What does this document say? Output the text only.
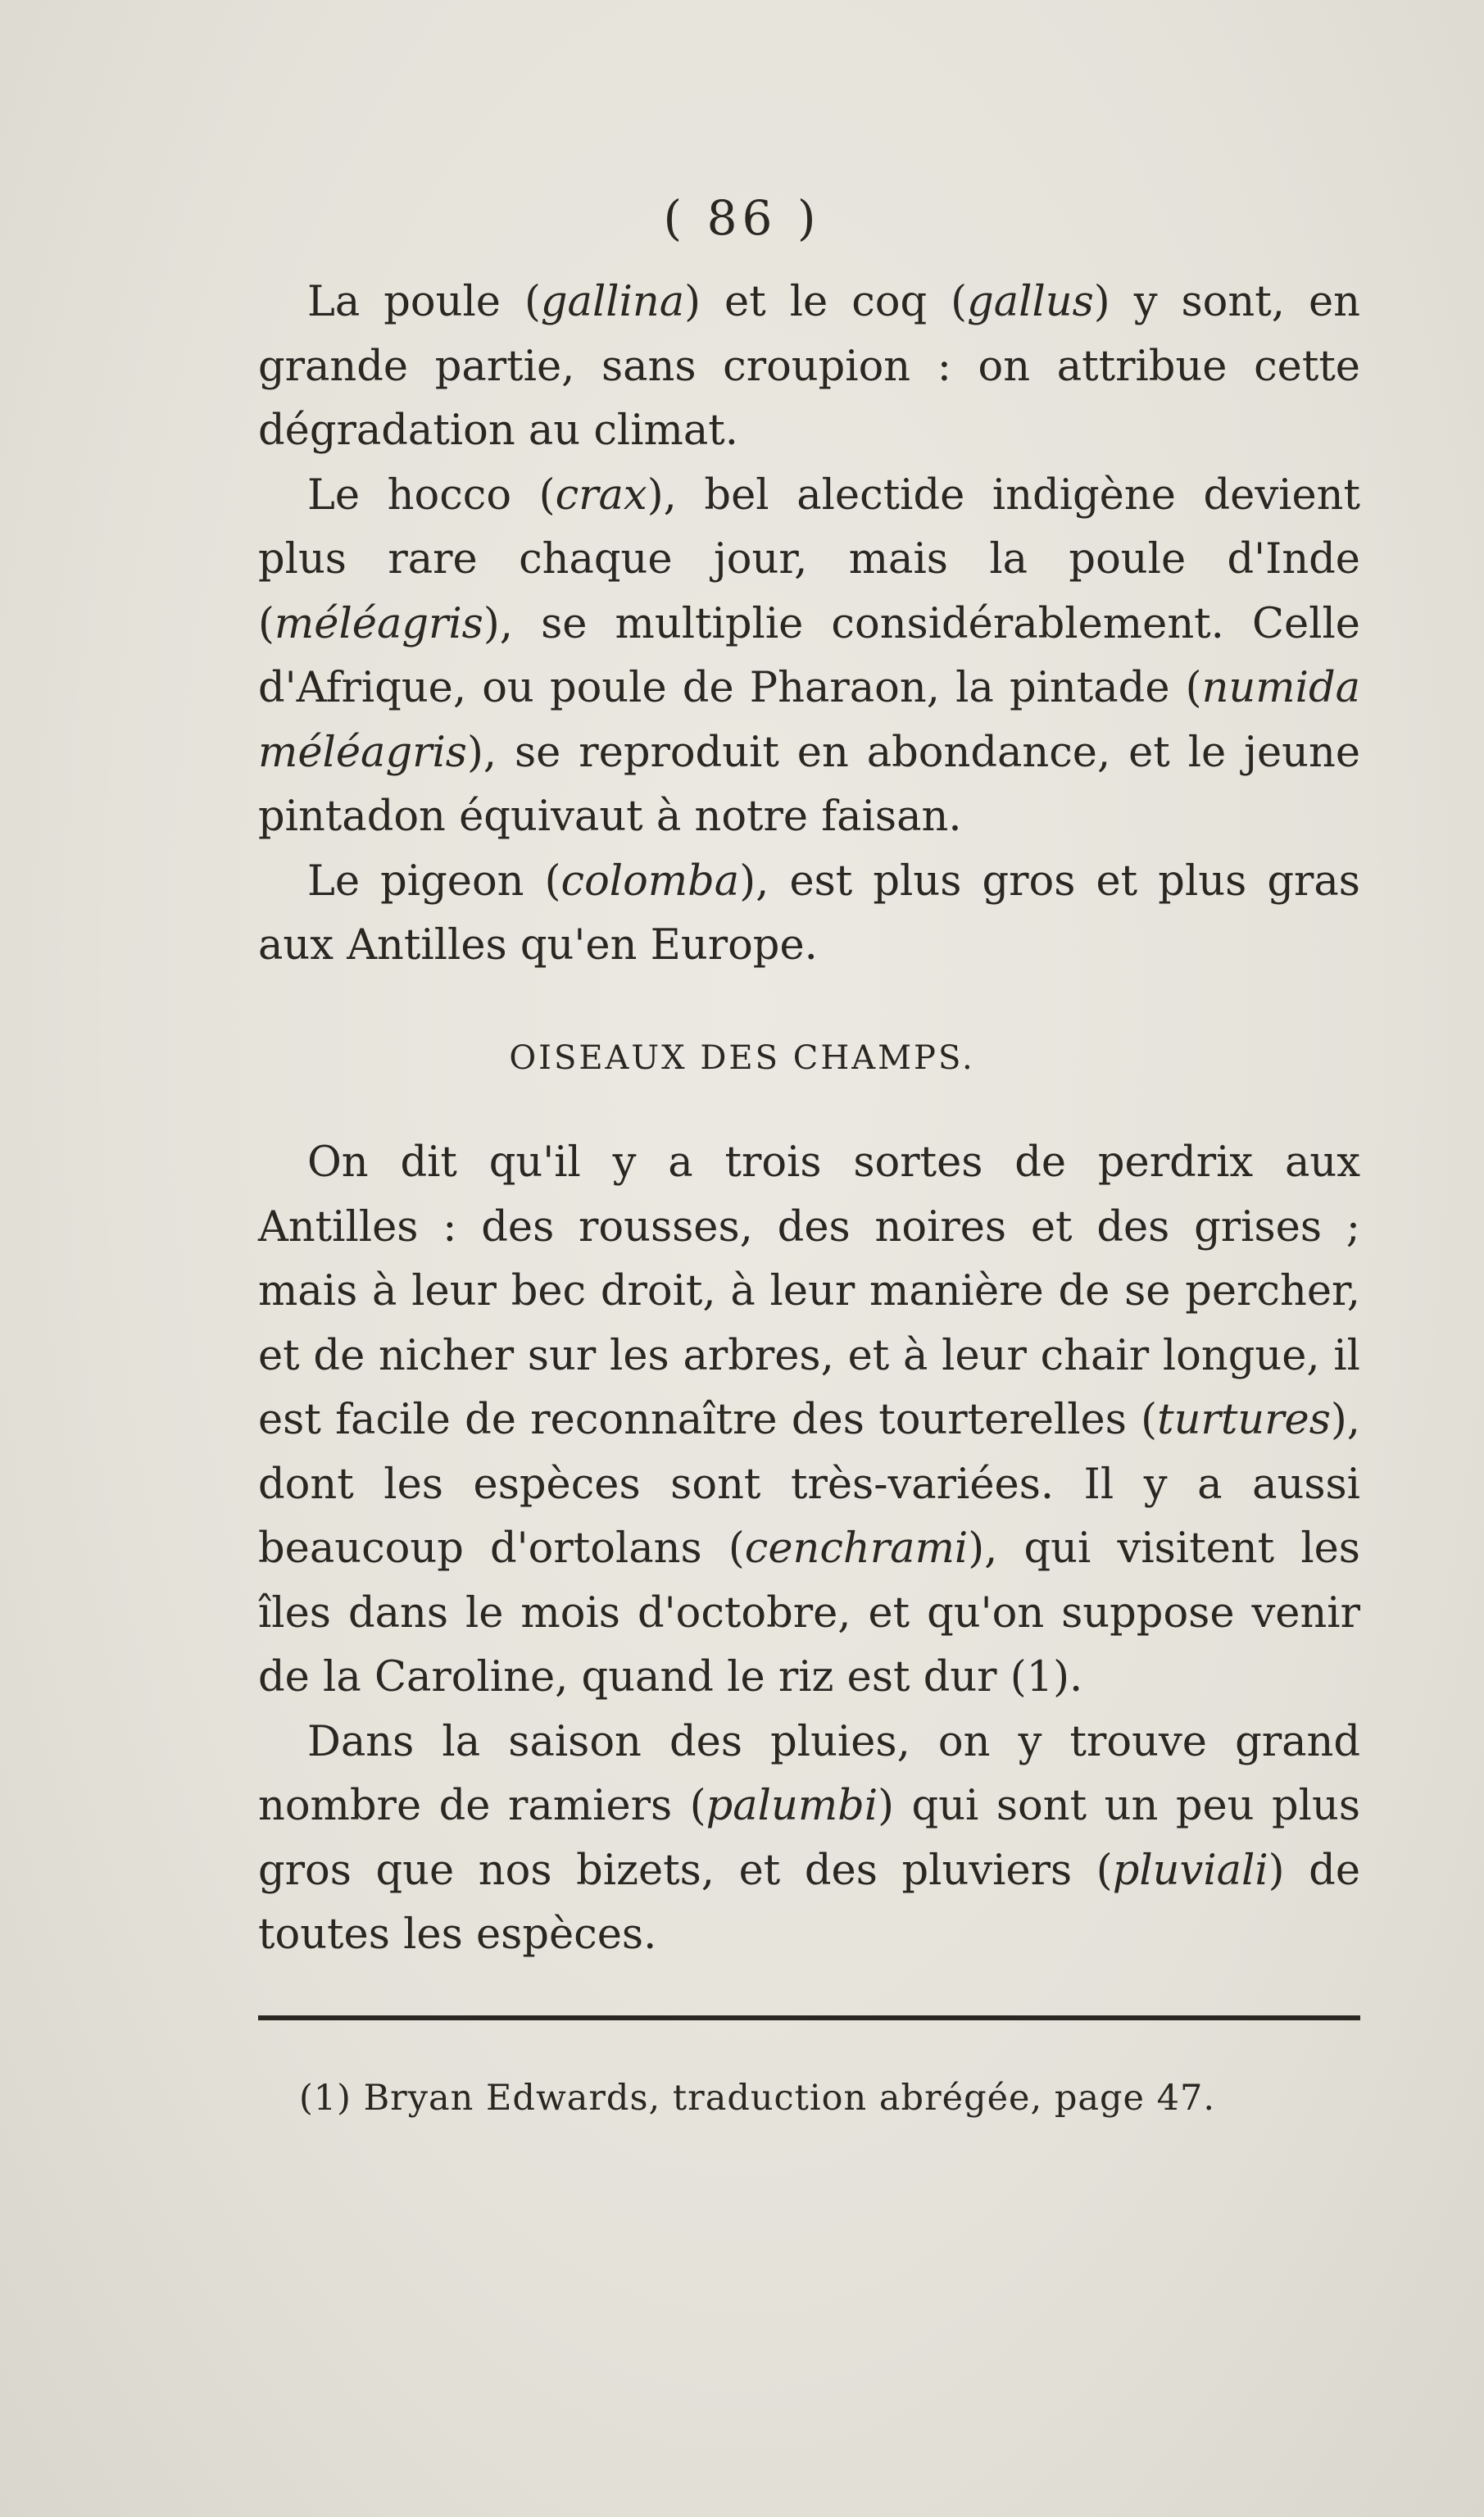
( 86 )

La poule (gallina) et le coq (gallus) y sont, en grande partie, sans croupion : on attribue cette dégradation au climat.

Le hocco (crax), bel alectide indigène devient plus rare chaque jour, mais la poule d'Inde (méléagris), se multiplie considérablement. Celle d'Afrique, ou poule de Pharaon, la pintade (numida méléagris), se reproduit en abondance, et le jeune pintadon équivaut à notre faisan.

Le pigeon (colomba), est plus gros et plus gras aux Antilles qu'en Europe.

OISEAUX DES CHAMPS.

On dit qu'il y a trois sortes de perdrix aux Antilles : des rousses, des noires et des grises ; mais à leur bec droit, à leur manière de se percher, et de nicher sur les arbres, et à leur chair longue, il est facile de reconnaître des tourterelles (turtures), dont les espèces sont très-variées. Il y a aussi beaucoup d'ortolans (cenchrami), qui visitent les îles dans le mois d'octobre, et qu'on suppose venir de la Caroline, quand le riz est dur (1).

Dans la saison des pluies, on y trouve grand nombre de ramiers (palumbi) qui sont un peu plus gros que nos bizets, et des pluviers (pluviali) de toutes les espèces.

(1) Bryan Edwards, traduction abrégée, page 47.
